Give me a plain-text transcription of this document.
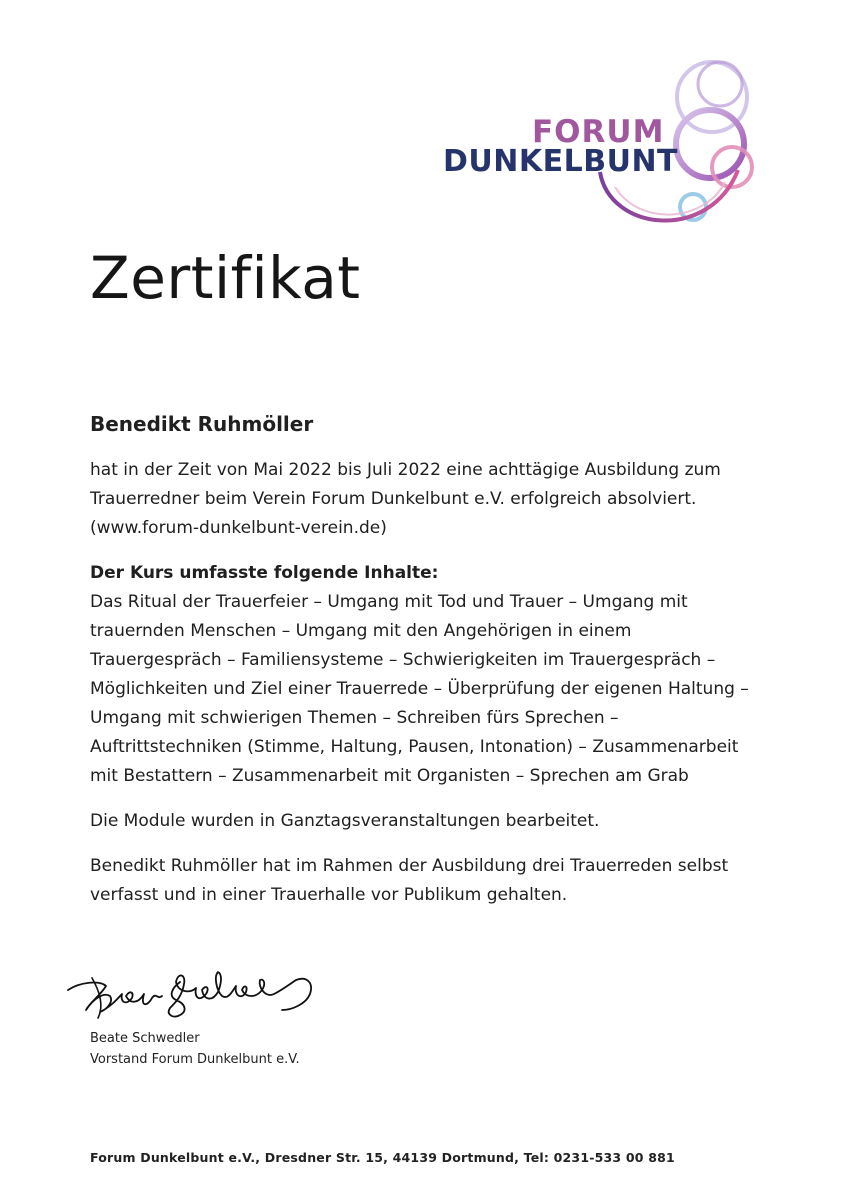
FORUM
DUNKELBUNT
Zertifikat
Benedikt Ruhmöller
hat in der Zeit von Mai 2022 bis Juli 2022 eine achttägige Ausbildung zum
Trauerredner beim Verein Forum Dunkelbunt e.V. erfolgreich absolviert.
(www.forum-dunkelbunt-verein.de)
Der Kurs umfasste folgende Inhalte:
Das Ritual der Trauerfeier – Umgang mit Tod und Trauer – Umgang mit
trauernden Menschen – Umgang mit den Angehörigen in einem
Trauergespräch – Familiensysteme – Schwierigkeiten im Trauergespräch –
Möglichkeiten und Ziel einer Trauerrede – Überprüfung der eigenen Haltung –
Umgang mit schwierigen Themen – Schreiben fürs Sprechen –
Auftrittstechniken (Stimme, Haltung, Pausen, Intonation) – Zusammenarbeit
mit Bestattern – Zusammenarbeit mit Organisten – Sprechen am Grab
Die Module wurden in Ganztagsveranstaltungen bearbeitet.
Benedikt Ruhmöller hat im Rahmen der Ausbildung drei Trauerreden selbst
verfasst und in einer Trauerhalle vor Publikum gehalten.
Beate Schwedler
Vorstand Forum Dunkelbunt e.V.
Forum Dunkelbunt e.V., Dresdner Str. 15, 44139 Dortmund, Tel: 0231-533 00 881
